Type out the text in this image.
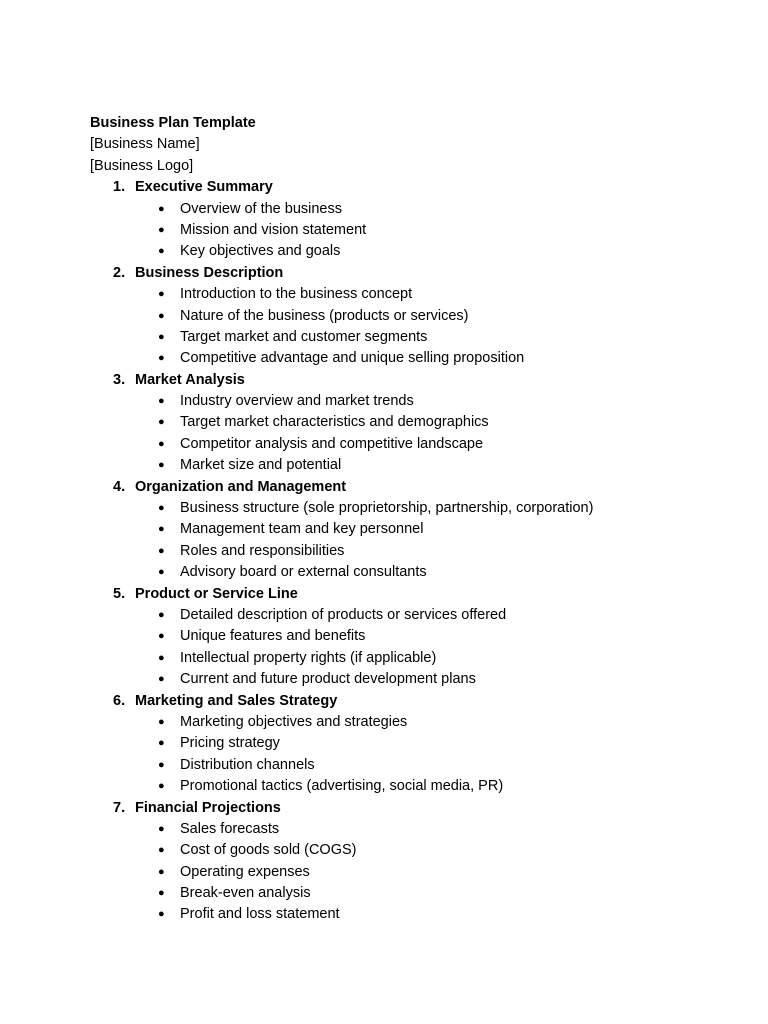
Business Plan Template
[Business Name]
[Business Logo]
1. Executive Summary
● Overview of the business
● Mission and vision statement
● Key objectives and goals
2. Business Description
● Introduction to the business concept
● Nature of the business (products or services)
● Target market and customer segments
● Competitive advantage and unique selling proposition
3. Market Analysis
● Industry overview and market trends
● Target market characteristics and demographics
● Competitor analysis and competitive landscape
● Market size and potential
4. Organization and Management
● Business structure (sole proprietorship, partnership, corporation)
● Management team and key personnel
● Roles and responsibilities
● Advisory board or external consultants
5. Product or Service Line
● Detailed description of products or services offered
● Unique features and benefits
● Intellectual property rights (if applicable)
● Current and future product development plans
6. Marketing and Sales Strategy
● Marketing objectives and strategies
● Pricing strategy
● Distribution channels
● Promotional tactics (advertising, social media, PR)
7. Financial Projections
● Sales forecasts
● Cost of goods sold (COGS)
● Operating expenses
● Break-even analysis
● Profit and loss statement
